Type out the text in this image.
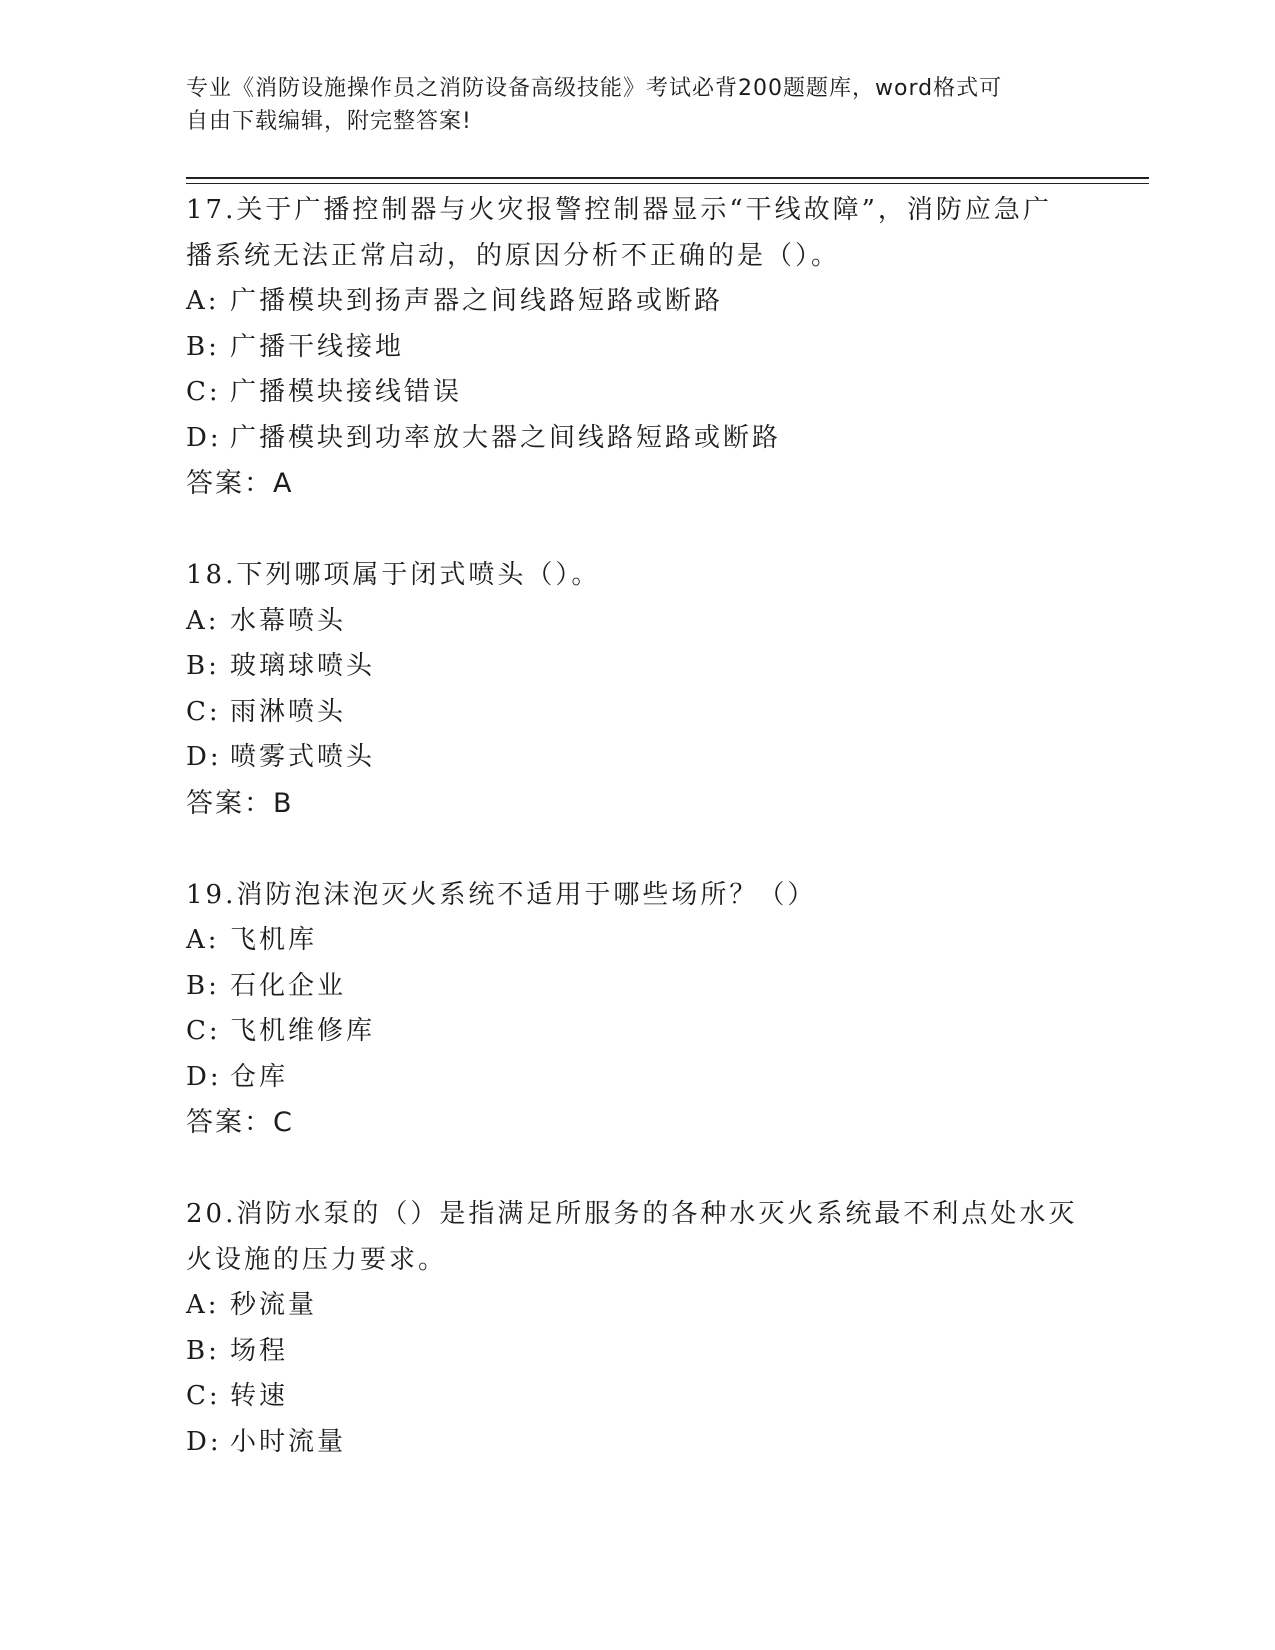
专业《消防设施操作员之消防设备高级技能》考试必背200题题库，word格式可
自由下载编辑，附完整答案!
17.关于广播控制器与火灾报警控制器显示“干线故障”，消防应急广
播系统无法正常启动，的原因分析不正确的是（）。
A: 广播模块到扬声器之间线路短路或断路
B: 广播干线接地
C: 广播模块接线错误
D: 广播模块到功率放大器之间线路短路或断路
答案：A
18.下列哪项属于闭式喷头（）。
A: 水幕喷头
B: 玻璃球喷头
C: 雨淋喷头
D: 喷雾式喷头
答案：B
19.消防泡沫泡灭火系统不适用于哪些场所？（）
A: 飞机库
B: 石化企业
C: 飞机维修库
D: 仓库
答案：C
20.消防水泵的（）是指满足所服务的各种水灭火系统最不利点处水灭
火设施的压力要求。
A: 秒流量
B: 场程
C: 转速
D: 小时流量
